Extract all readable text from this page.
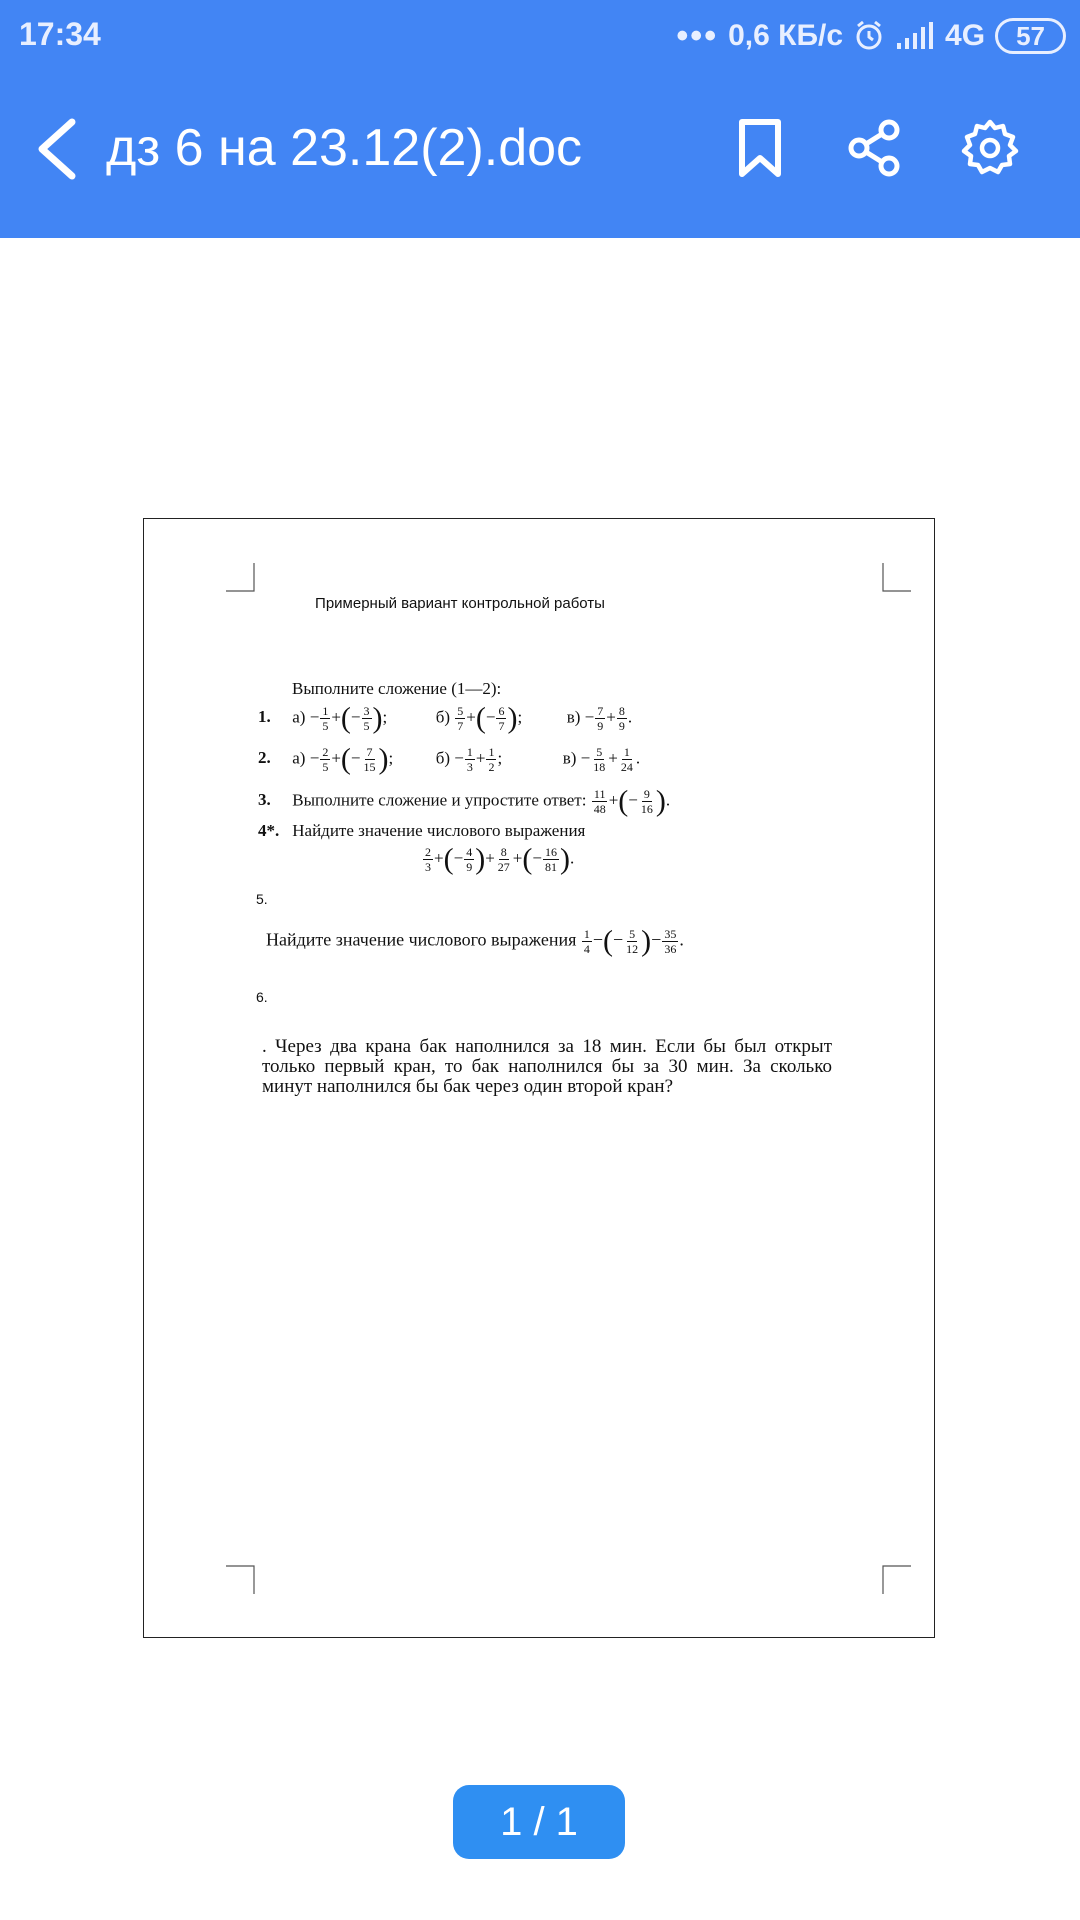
17:34	••• 0,6 КБ/с	4G	57
дз 6 на 23.12(2).doc
Примерный вариант контрольной работы
Выполните сложение (1—2):
1. $а) - \frac{1}{5}$ +(− $\frac{3}{5}$ );	$б) \frac{5}{7}$ +(− $\frac{6}{7}$ );  $в) - \frac{7}{9} + \frac{8}{9}$ .
2. $а) - \frac{2}{5}$ +(− $\frac{7}{15}$ );  $б) - \frac{1}{3} + \frac{1}{2}$ ;	$в) - \frac{5}{18} + \frac{1}{24}$ .
3. Выполните сложение и упростите ответ: $\frac{11}{48}$ +(− $\frac{9}{16}$ ).
4*. Найдите значение числового выражения
$\frac{2}{3}$ +(− $\frac{4}{9}$ )+ $\frac{8}{27}$ +(− $\frac{16}{81}$ ).
5.
Найдите значение числового выражения $\frac{1}{4}$ −(− $\frac{5}{12}$ )− $\frac{35}{36}$ .
6.
. Через два крана бак наполнился за 18 мин. Если бы был открыт только первый кран, то бак наполнился бы за 30 мин. За сколько минут наполнился бы бак через один второй кран?
1 / 1
